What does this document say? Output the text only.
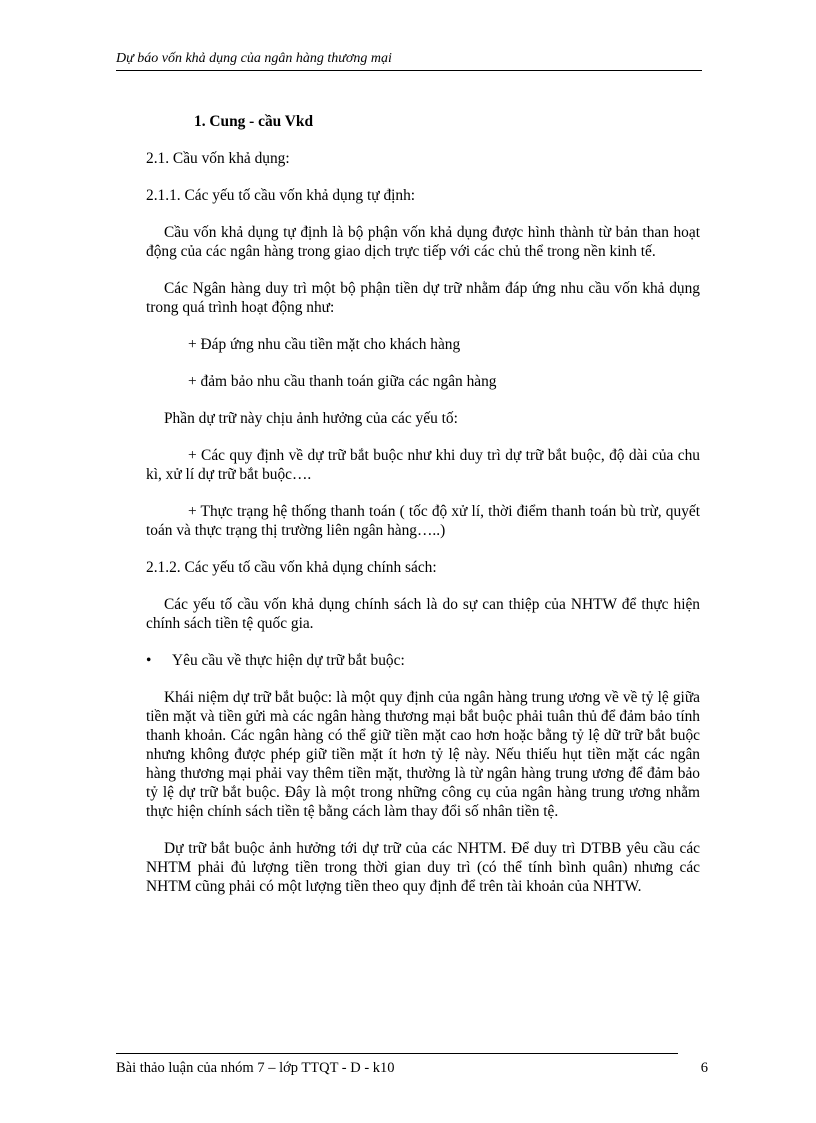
Dự báo vốn khả dụng của ngân hàng thương mại

1. Cung - cầu Vkd

2.1. Cầu vốn khả dụng:

2.1.1. Các yếu tố cầu vốn khả dụng tự định:

Cầu vốn khả dụng tự định là bộ phận vốn khả dụng được hình thành từ bản than hoạt động của các ngân hàng trong giao dịch trực tiếp với các chủ thể trong nền kinh tế.

Các Ngân hàng duy trì một bộ phận tiền dự trữ nhằm đáp ứng nhu cầu vốn khả dụng trong quá trình hoạt động như:

+ Đáp ứng nhu cầu tiền mặt cho khách hàng

+ đảm bảo nhu cầu thanh toán giữa các ngân hàng

Phần dự trữ này chịu ảnh hưởng của các yếu tố:

+ Các quy định về dự trữ bắt buộc như khi duy trì dự trữ bắt buộc, độ dài của chu kì, xử lí dự trữ bắt buộc….

+ Thực trạng hệ thống thanh toán ( tốc độ xử lí, thời điểm thanh toán bù trừ, quyết toán và thực trạng thị trường liên ngân hàng…..)

2.1.2. Các yếu tố cầu vốn khả dụng chính sách:

Các yếu tố cầu vốn khả dụng chính sách là do sự can thiệp của NHTW để thực hiện chính sách tiền tệ quốc gia.

•	Yêu cầu về thực hiện dự trữ bắt buộc:

Khái niệm dự trữ bắt buộc: là một quy định của ngân hàng trung ương về về tỷ lệ giữa tiền mặt và tiền gửi mà các ngân hàng thương mại bắt buộc phải tuân thủ để đảm bảo tính thanh khoản. Các ngân hàng có thể giữ tiền mặt cao hơn hoặc bằng tỷ lệ dữ trữ bắt buộc nhưng không được phép giữ tiền mặt ít hơn tỷ lệ này. Nếu thiếu hụt tiền mặt các ngân hàng thương mại phải vay thêm tiền mặt, thường là từ ngân hàng trung ương để đảm bảo tỷ lệ dự trữ bắt buộc. Đây là một trong những công cụ của ngân hàng trung ương nhằm thực hiện chính sách tiền tệ bằng cách làm thay đổi số nhân tiền tệ.

Dự trữ bắt buộc ảnh hưởng tới dự trữ của các NHTM. Để duy trì DTBB yêu cầu các NHTM phải đủ lượng tiền trong thời gian duy trì (có thể tính bình quân) nhưng các NHTM cũng phải có một lượng tiền theo quy định để trên tài khoản của NHTW.

Bài thảo luận của nhóm 7 – lớp TTQT - D - k10	6
